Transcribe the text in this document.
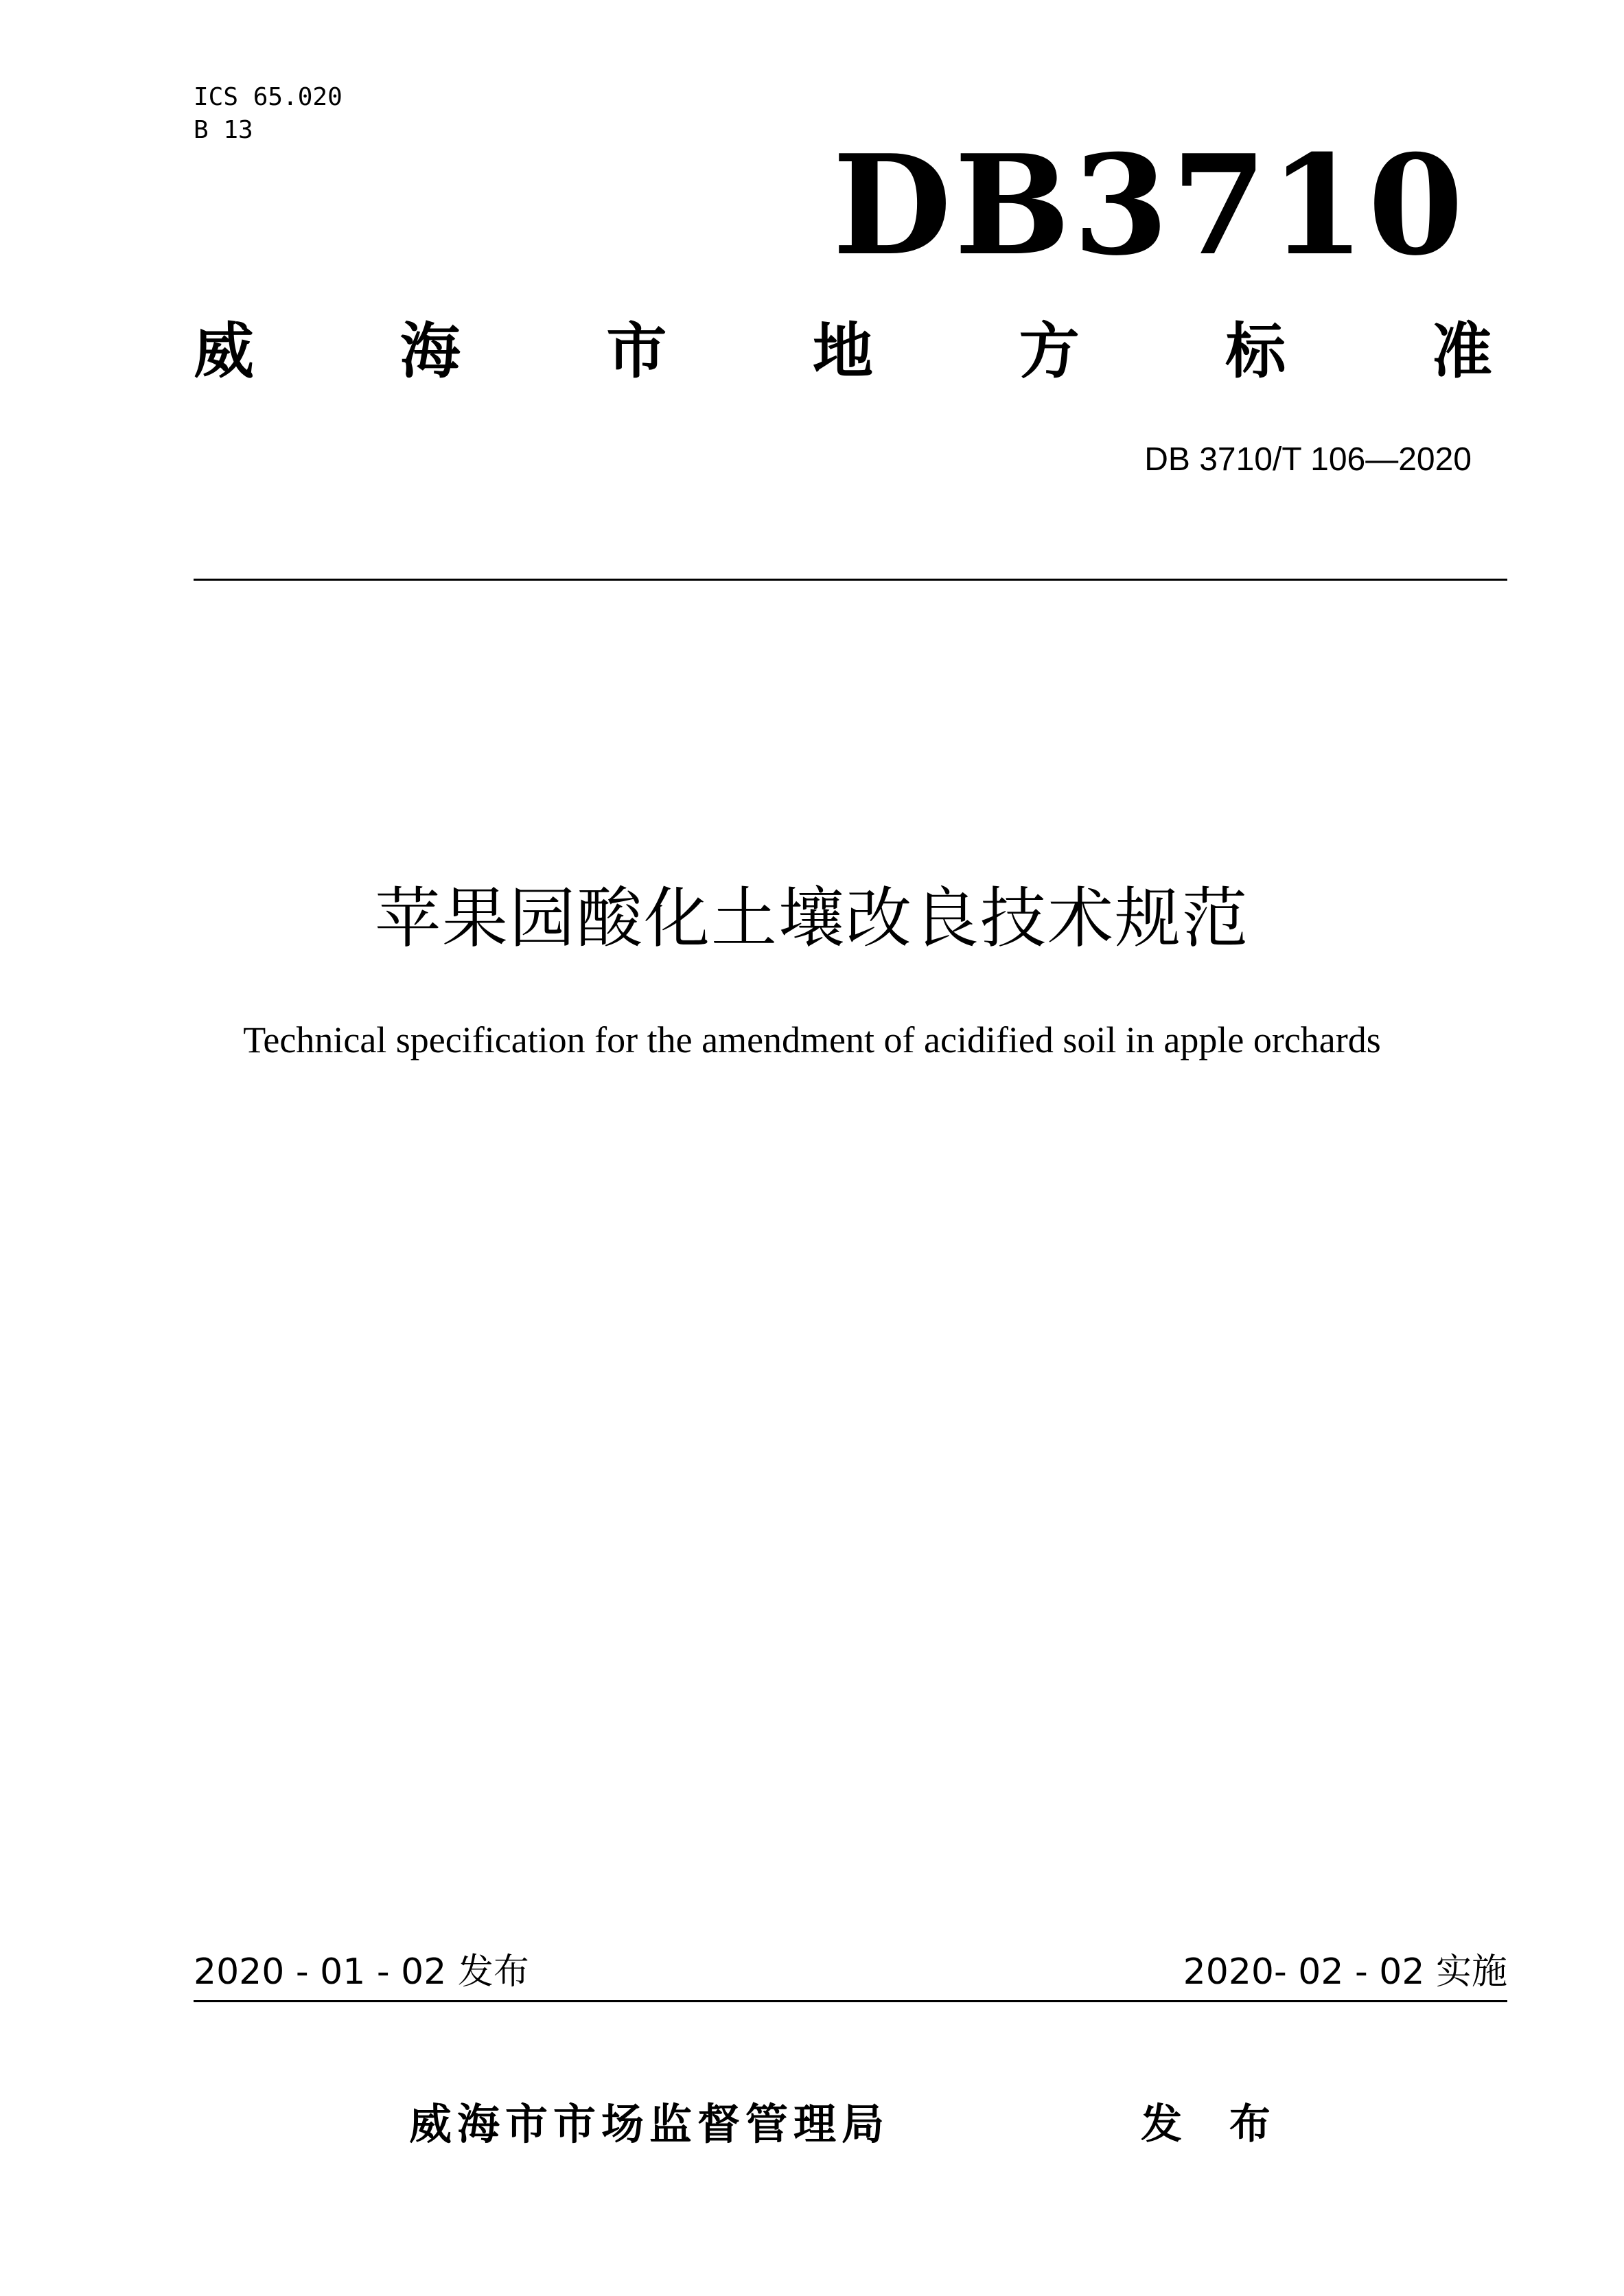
ICS 65.020
B 13	DB3710
威 海 市 地 方 标 准
DB 3710/T 106—2020
苹果园酸化土壤改良技术规范
Technical specification for the amendment of acidified soil in apple orchards
2020 - 01 - 02 发布	2020- 02 - 02 实施
威海市市场监督管理局	发 布
